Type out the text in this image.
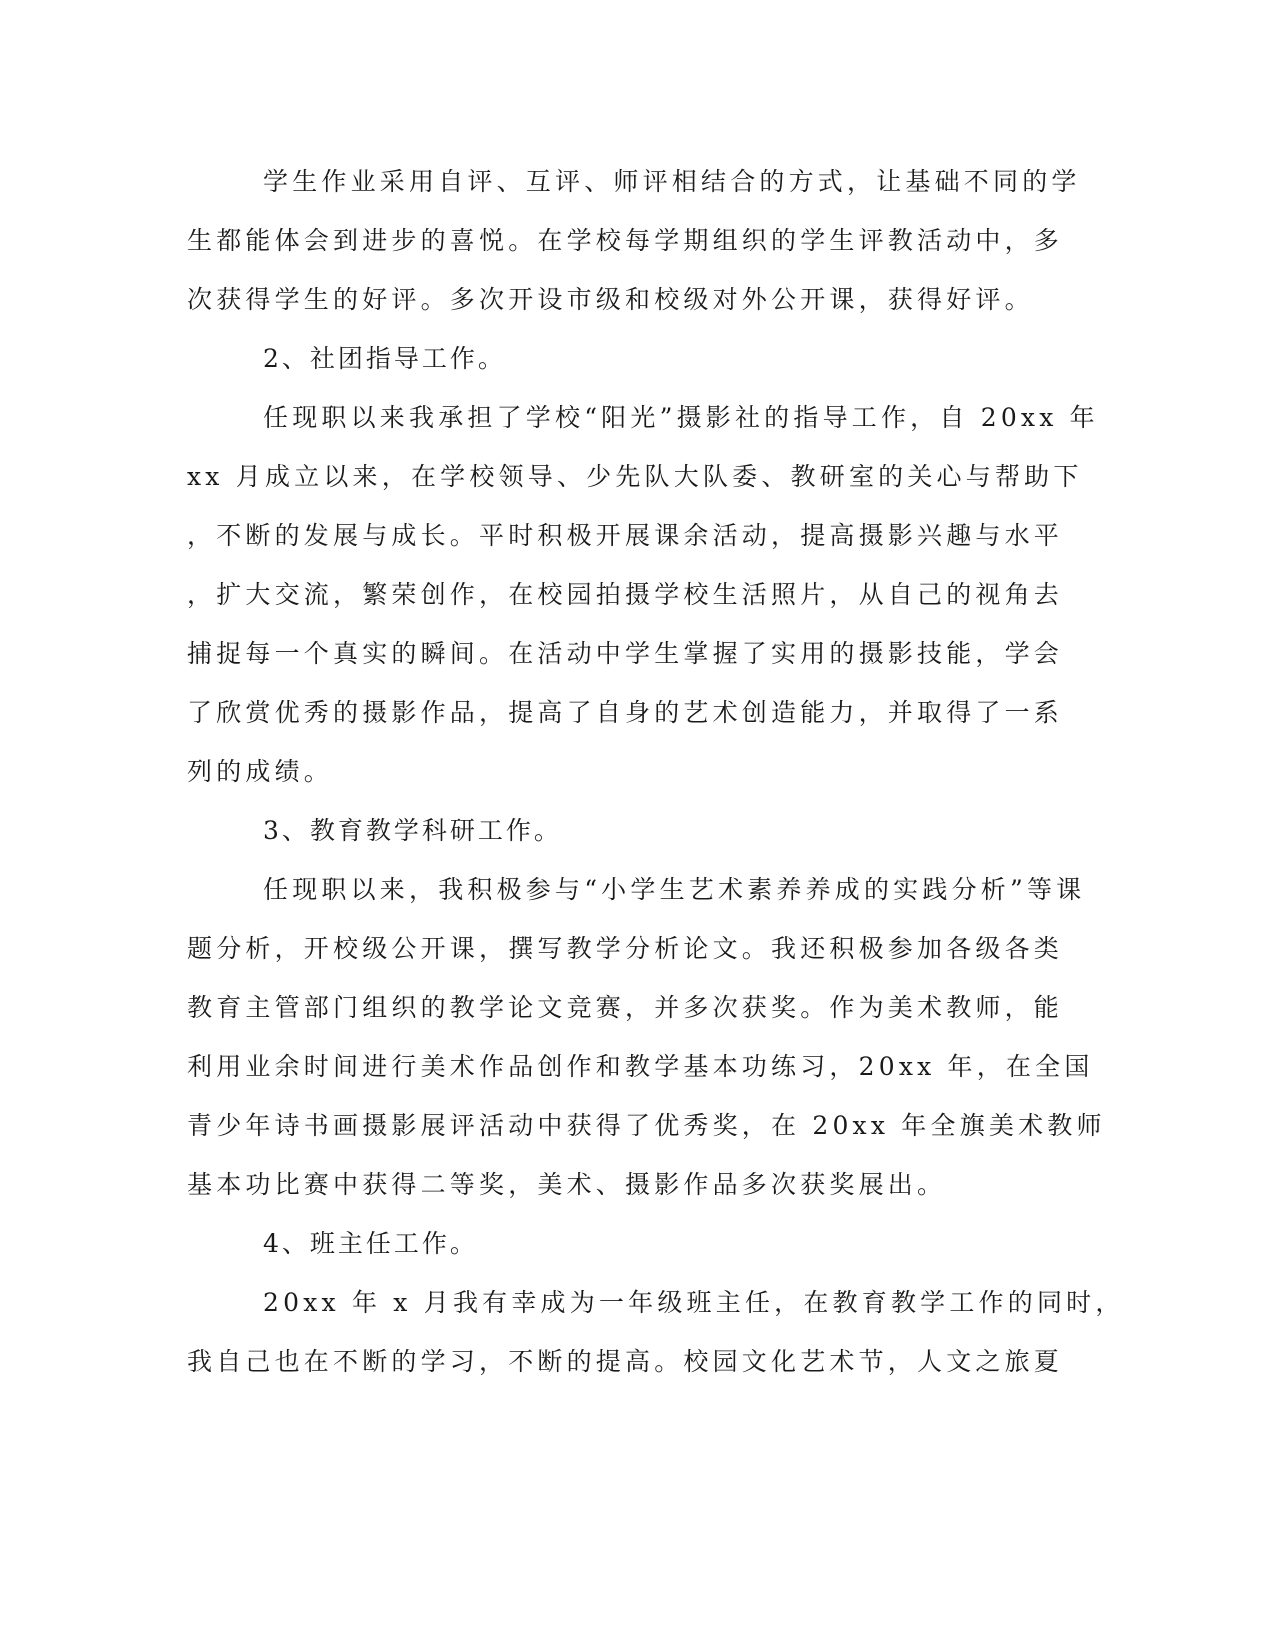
学生作业采用自评、互评、师评相结合的方式，让基础不同的学
生都能体会到进步的喜悦。在学校每学期组织的学生评教活动中，多
次获得学生的好评。多次开设市级和校级对外公开课，获得好评。
2、社团指导工作。
任现职以来我承担了学校“阳光”摄影社的指导工作，自 20xx 年
xx 月成立以来，在学校领导、少先队大队委、教研室的关心与帮助下
，不断的发展与成长。平时积极开展课余活动，提高摄影兴趣与水平
，扩大交流，繁荣创作，在校园拍摄学校生活照片，从自己的视角去
捕捉每一个真实的瞬间。在活动中学生掌握了实用的摄影技能，学会
了欣赏优秀的摄影作品，提高了自身的艺术创造能力，并取得了一系
列的成绩。
3、教育教学科研工作。
任现职以来，我积极参与“小学生艺术素养养成的实践分析”等课
题分析，开校级公开课，撰写教学分析论文。我还积极参加各级各类
教育主管部门组织的教学论文竞赛，并多次获奖。作为美术教师，能
利用业余时间进行美术作品创作和教学基本功练习，20xx 年，在全国
青少年诗书画摄影展评活动中获得了优秀奖，在 20xx 年全旗美术教师
基本功比赛中获得二等奖，美术、摄影作品多次获奖展出。
4、班主任工作。
20xx 年 x 月我有幸成为一年级班主任，在教育教学工作的同时，
我自己也在不断的学习，不断的提高。校园文化艺术节，人文之旅夏
